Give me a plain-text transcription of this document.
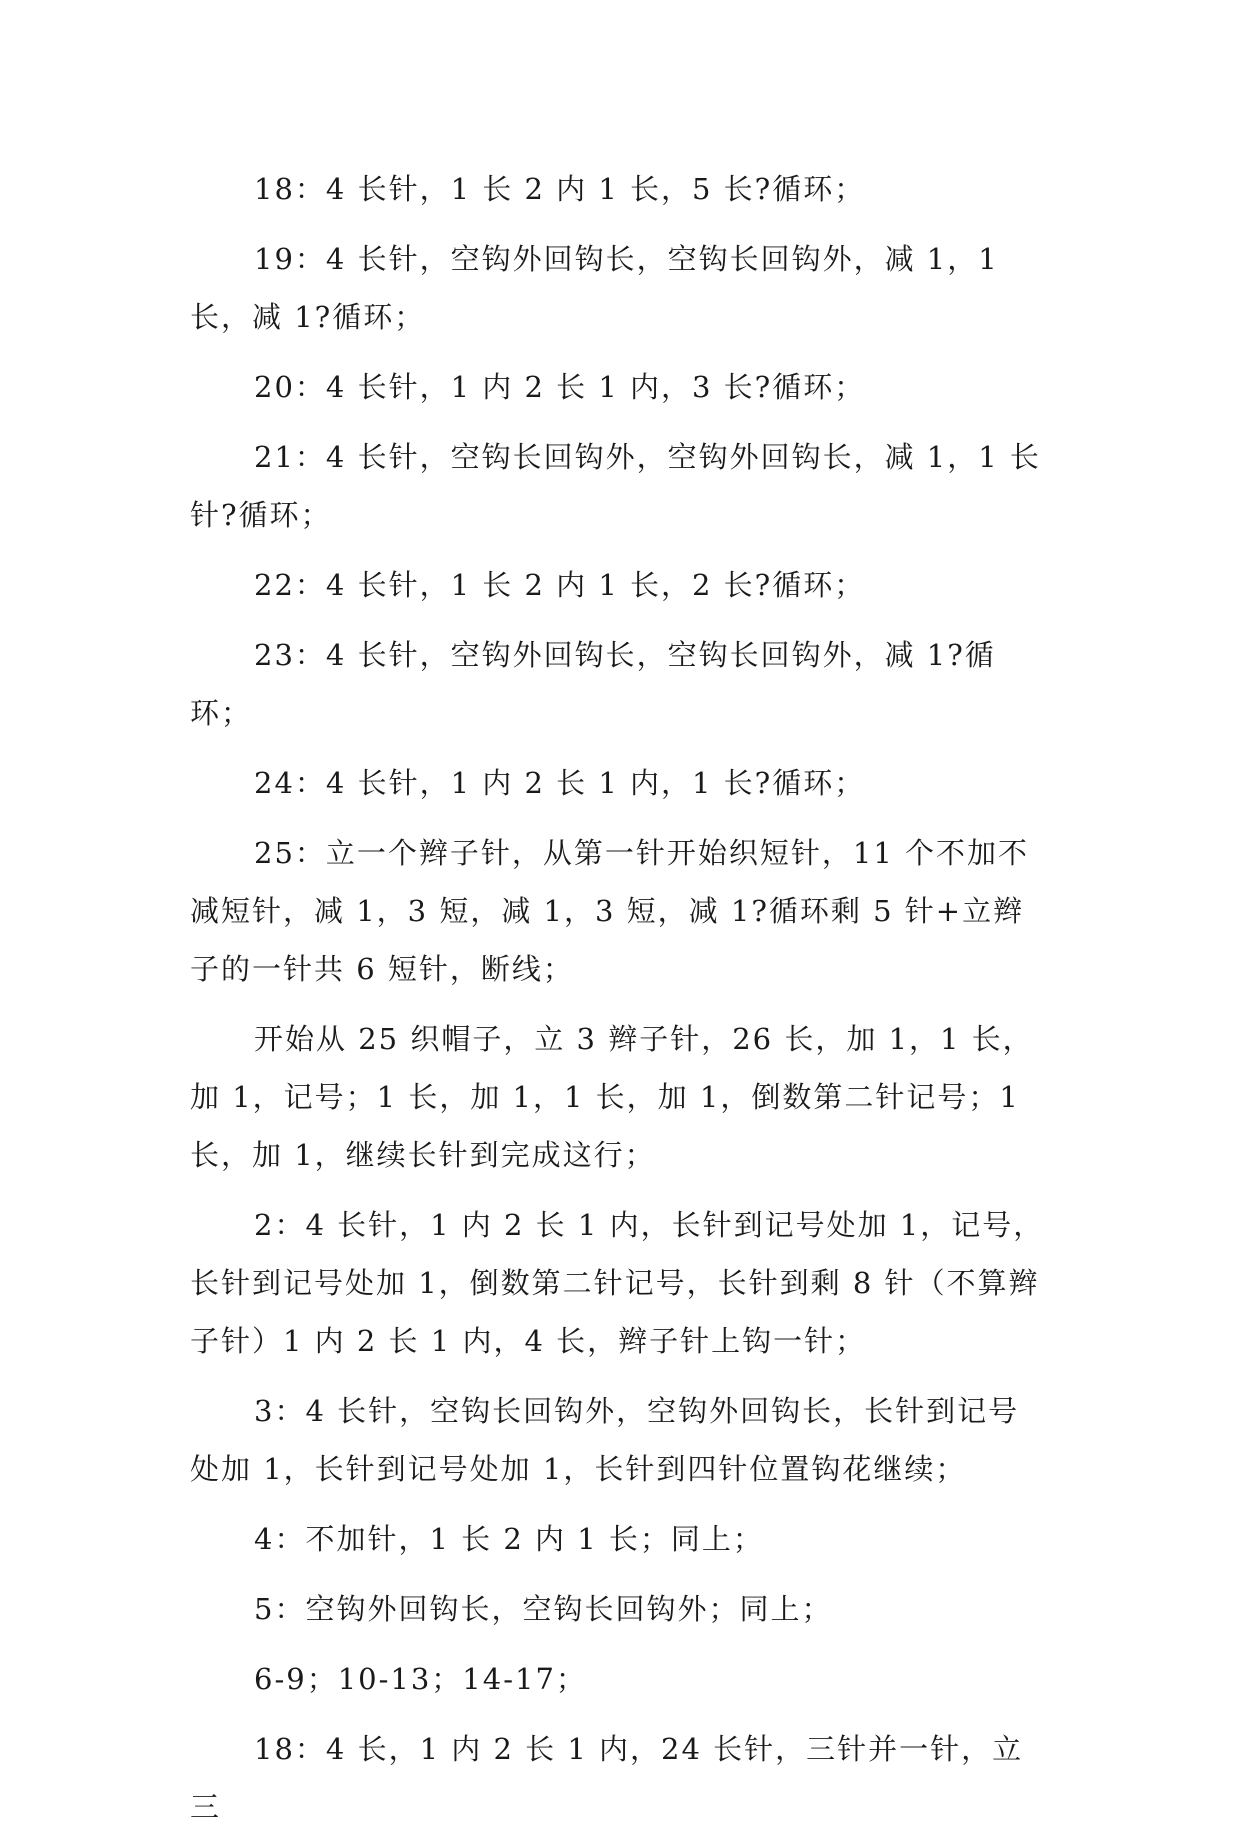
18：4 长针，1 长 2 内 1 长，5 长?循环；

19：4 长针，空钩外回钩长，空钩长回钩外，减 1，1 长，减 1?循环；

20：4 长针，1 内 2 长 1 内，3 长?循环；

21：4 长针，空钩长回钩外，空钩外回钩长，减 1，1 长针?循环；

22：4 长针，1 长 2 内 1 长，2 长?循环；

23：4 长针，空钩外回钩长，空钩长回钩外，减 1?循环；

24：4 长针，1 内 2 长 1 内，1 长?循环；

25：立一个辫子针，从第一针开始织短针，11 个不加不减短针，减 1，3 短，减 1，3 短，减 1?循环剩 5 针+立辫子的一针共 6 短针，断线；

开始从 25 织帽子，立 3 辫子针，26 长，加 1，1 长，加 1，记号；1 长，加 1，1 长，加 1，倒数第二针记号；1 长，加 1，继续长针到完成这行；

2：4 长针，1 内 2 长 1 内，长针到记号处加 1，记号，长针到记号处加 1，倒数第二针记号，长针到剩 8 针（不算辫子针）1 内 2 长 1 内，4 长，辫子针上钩一针；

3：4 长针，空钩长回钩外，空钩外回钩长，长针到记号处加 1，长针到记号处加 1，长针到四针位置钩花继续；

4：不加针，1 长 2 内 1 长；同上；

5：空钩外回钩长，空钩长回钩外；同上；

6-9；10-13；14-17；

18：4 长，1 内 2 长 1 内，24 长针，三针并一针，立三
